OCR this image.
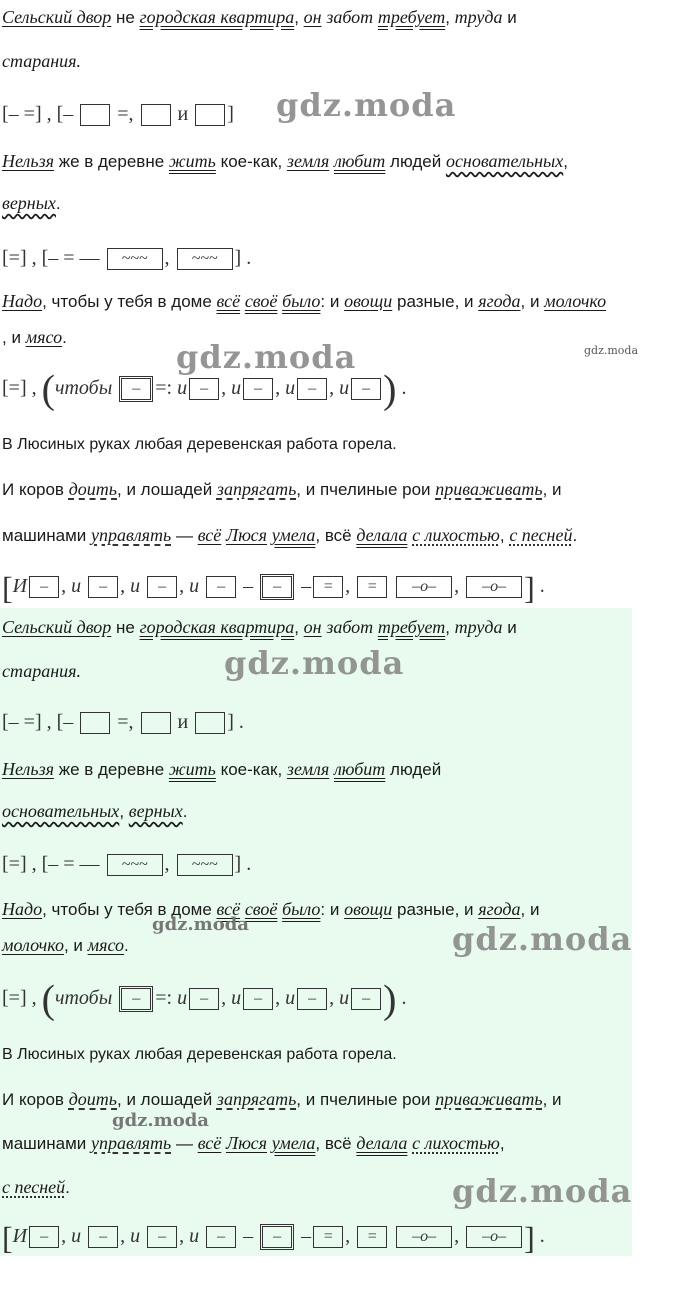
Сельский двор не городская квартира, он забот требует, труда и
старания.
[– =] , [–  =,  и ] gdz.moda
Нельзя же в деревне жить кое-как, земля любит людей основательных,
верных.
[=] , [– = — ~~~ , ~~~ ] .
Надо, чтобы у тебя в доме всё своё было: и овощи разные, и ягода, и молочко
, и мясо.
gdz.moda	gdz.moda
[=] , (чтобы – =: и – , и – , и – , и – ) .
В Люсиных руках любая деревенская работа горела.
И коров доить, и лошадей запрягать, и пчелиные рои приваживать, и
машинами управлять — всё Люся умела, всё делала с лихостью, с песней.
[И – , и – , и – , и – – – – = , = –о– , –о– ] .
Сельский двор не городская квартира, он забот требует, труда и
старания.	gdz.moda
[– =] , [–  =,  и ] .
Нельзя же в деревне жить кое-как, земля любит людей
основательных, верных.
[=] , [– = — ~~~ , ~~~ ] .
Надо, чтобы у тебя в доме всё своё было: и овощи разные, и ягода, и
молочко, и мясо.
gdz.moda	gdz.moda
[=] , (чтобы – =: и – , и – , и – , и – ) .
В Люсиных руках любая деревенская работа горела.
И коров доить, и лошадей запрягать, и пчелиные рои приваживать, и
gdz.moda
машинами управлять — всё Люся умела, всё делала с лихостью,
с песней.	gdz.moda
[И – , и – , и – , и – – – – = , = –о– , –о– ] .
